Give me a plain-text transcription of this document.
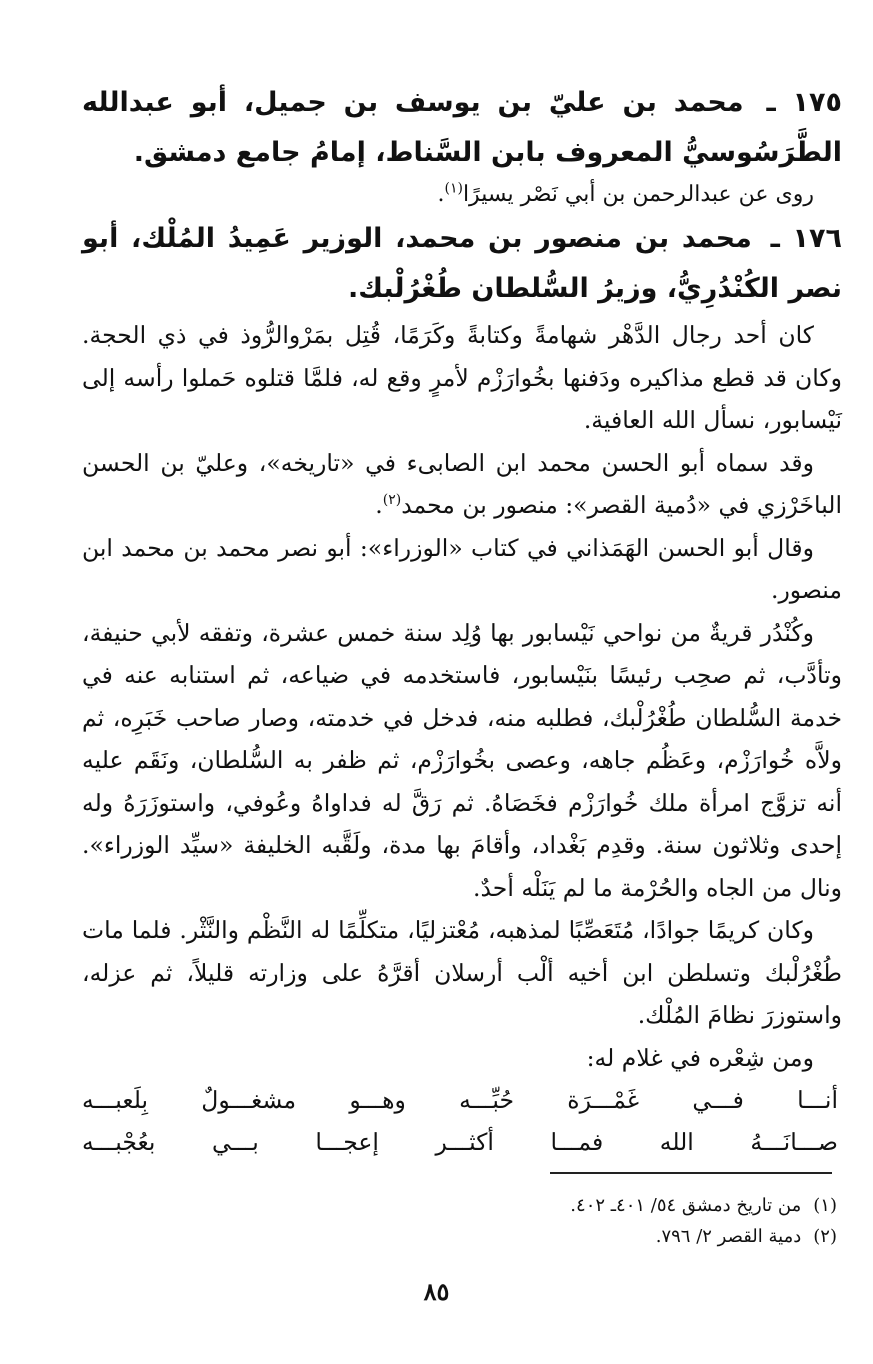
١٧٥ ـ محمد بن عليّ بن يوسف بن جميل، أبو عبدالله الطَّرَسُوسيُّ المعروف بابن السَّناط، إمامُ جامع دمشق.

روى عن عبدالرحمن بن أبي نَصْر يسيرًا$^{(١)}$.

١٧٦ ـ محمد بن منصور بن محمد، الوزير عَمِيدُ المُلْك، أبو نصر الكُنْدُرِيُّ، وزيرُ السُّلطان طُغْرُلْبك.

كان أحد رجال الدَّهْر شهامةً وكتابةً وكَرَمًا، قُتِل بمَرْوالرُّوذ في ذي الحجة. وكان قد قطع مذاكيره ودَفنها بخُوارَزْم لأمرٍ وقع له، فلمَّا قتلوه حَملوا رأسه إلى نَيْسابور، نسأل الله العافية.

وقد سماه أبو الحسن محمد ابن الصابىء في «تاريخه»، وعليّ بن الحسن الباخَرْزي في «دُمية القصر»: منصور بن محمد$^{(٢)}$.

وقال أبو الحسن الهَمَذاني في كتاب «الوزراء»: أبو نصر محمد بن محمد ابن منصور.

وكُنْدُر قريةٌ من نواحي نَيْسابور بها وُلِد سنة خمس عشرة، وتفقه لأبي حنيفة، وتأدَّب، ثم صحِب رئيسًا بنَيْسابور، فاستخدمه في ضياعه، ثم استنابه عنه في خدمة السُّلطان طُغْرُلْبك، فطلبه منه، فدخل في خدمته، وصار صاحب خَبَرِه، ثم ولاَّه خُوارَزْم، وعَظُم جاهه، وعصى بخُوارَزْم، ثم ظفر به السُّلطان، ونَقَم عليه أنه تزوَّج امرأة ملك خُوارَزْم فخَصَاهُ. ثم رَقَّ له فداواهُ وعُوفي، واستوزَرَهُ وله إحدى وثلاثون سنة. وقدِم بَغْداد، وأقامَ بها مدة، ولَقَّبه الخليفة «سيِّد الوزراء». ونال من الجاه والحُرْمة ما لم يَنَلْه أحدٌ.

وكان كريمًا جوادًا، مُتَعَصِّبًا لمذهبه، مُعْتزليًا، متكلِّمًا له النَّظْم والنَّثْر. فلما مات طُغْرُلْبك وتسلطن ابن أخيه ألْب أرسلان أقرَّهُ على وزارته قليلاً، ثم عزله، واستوزرَ نظامَ المُلْك.

ومن شِعْره في غلام له:

أنـــا
فـــي
غَمْـــرَة
حُبِّـــه
وهـــو
مشغـــولٌ
بِلَعبـــه
صـــانَـــهُ
الله
فمـــا
أكثـــر
إعجـــا
بـــي
بعُجْبـــه
(١)
من تاريخ دمشق ٥٤/ ٤٠١ـ ٤٠٢.
(٢)
دمية القصر ٢/ ٧٩٦.
٨٥
